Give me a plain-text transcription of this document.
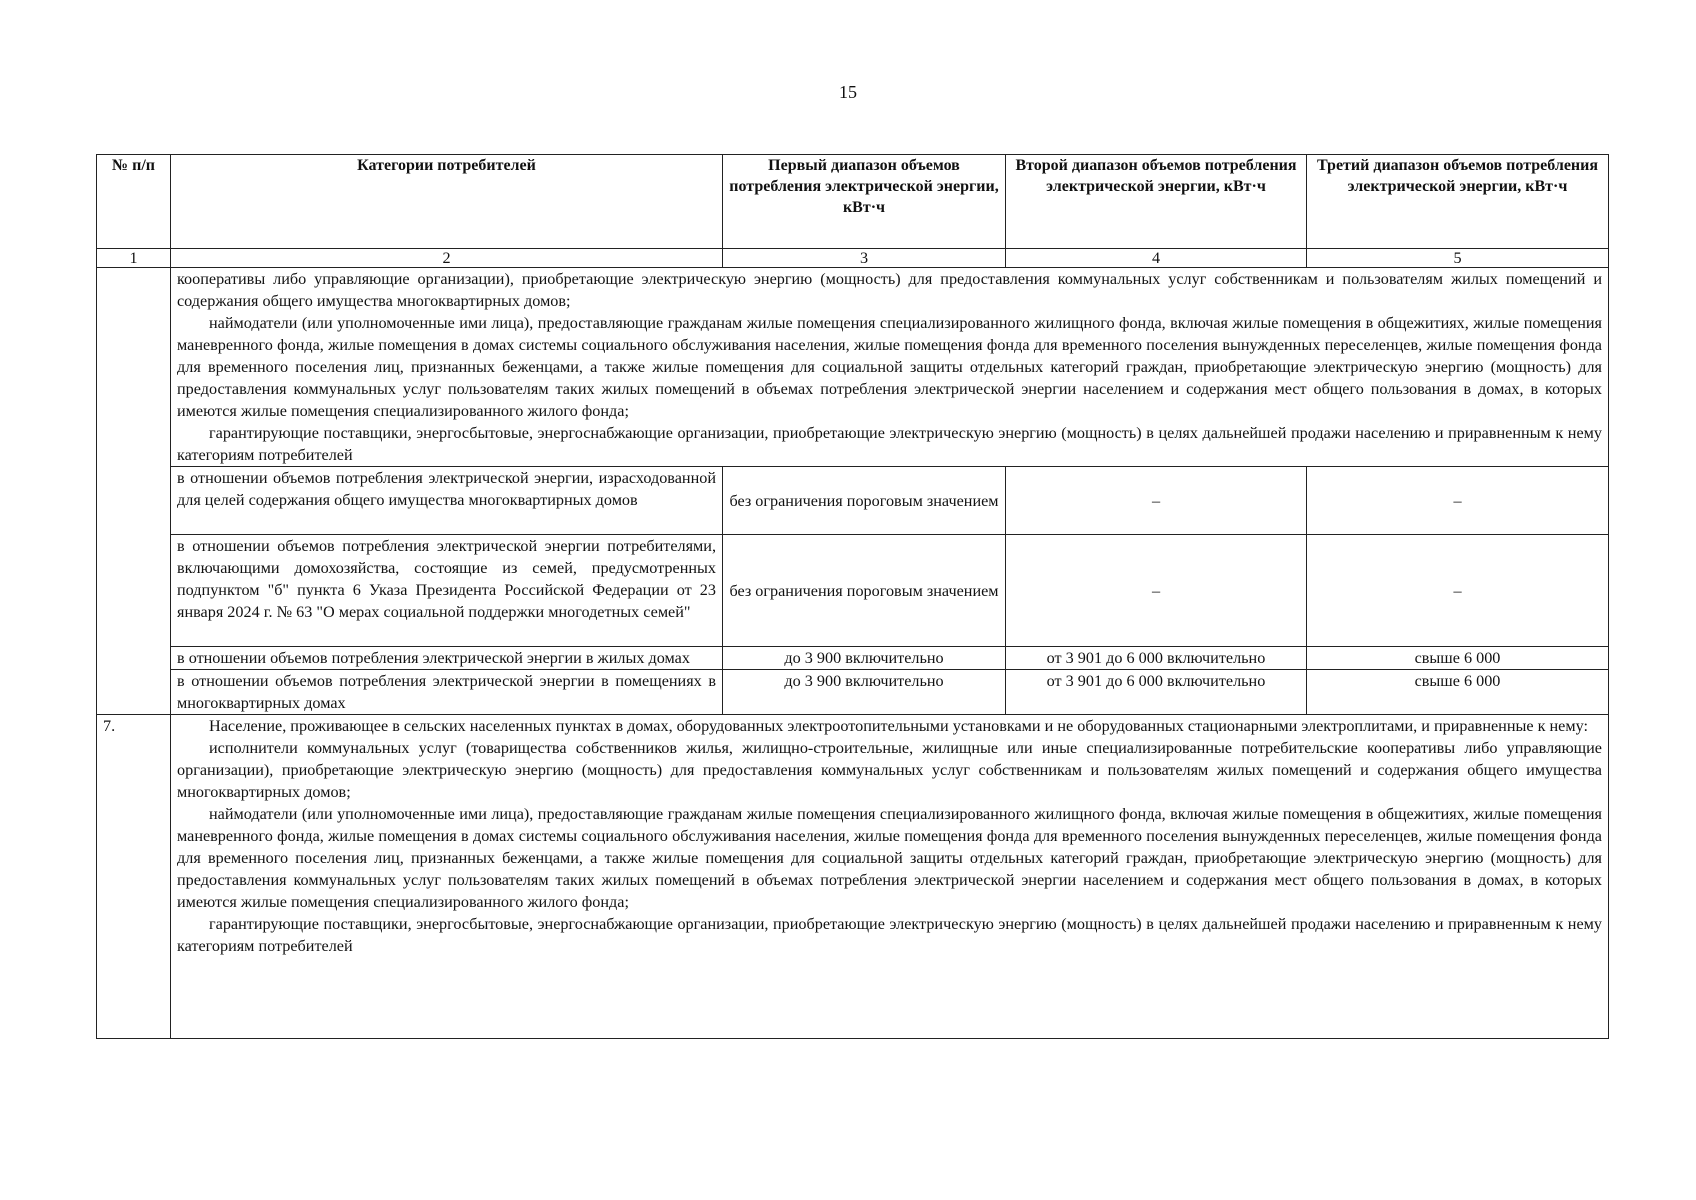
15
№ п/п	Категории потребителей	Первый диапазон объемов потребления электрической энергии, кВт·ч	Второй диапазон объемов потребления электрической энергии, кВт·ч	Третий диапазон объемов потребления электрической энергии, кВт·ч
1	2	3	4	5

	кооперативы либо управляющие организации), приобретающие электрическую энергию (мощность) для предоставления коммунальных услуг собственникам и пользователям жилых помещений и содержания общего имущества многоквартирных домов;
наймодатели (или уполномоченные ими лица), предоставляющие гражданам жилые помещения специализированного жилищного фонда, включая жилые помещения в общежитиях, жилые помещения маневренного фонда, жилые помещения в домах системы социального обслуживания населения, жилые помещения фонда для временного поселения вынужденных переселенцев, жилые помещения фонда для временного поселения лиц, признанных беженцами, а также жилые помещения для социальной защиты отдельных категорий граждан, приобретающие электрическую энергию (мощность) для предоставления коммунальных услуг пользователям таких жилых помещений в объемах потребления электрической энергии населением и содержания мест общего пользования в домах, в которых имеются жилые помещения специализированного жилого фонда;
гарантирующие поставщики, энергосбытовые, энергоснабжающие организации, приобретающие электрическую энергию (мощность) в целях дальнейшей продажи населению и приравненным к нему категориям потребителей			

	в отношении объемов потребления электрической энергии, израсходованной для целей содержания общего имущества многоквартирных домов	без ограничения пороговым значением	–	–
	в отношении объемов потребления электрической энергии потребителями, включающими домохозяйства, состоящие из семей, предусмотренных подпунктом "б" пункта 6 Указа Президента Российской Федерации от 23 января 2024 г. № 63 "О мерах социальной поддержки многодетных семей"	без ограничения пороговым значением	–	–
	в отношении объемов потребления электрической энергии в жилых домах	до 3 900 включительно	от 3 901 до 6 000 включительно	свыше 6 000
	в отношении объемов потребления электрической энергии в помещениях в многоквартирных домах	до 3 900 включительно	от 3 901 до 6 000 включительно	свыше 6 000
7.	Население, проживающее в сельских населенных пунктах в домах, оборудованных электроотопительными установками и не оборудованных стационарными электроплитами, и приравненные к нему:
исполнители коммунальных услуг (товарищества собственников жилья, жилищно-строительные, жилищные или иные специализированные потребительские кооперативы либо управляющие организации), приобретающие электрическую энергию (мощность) для предоставления коммунальных услуг собственникам и пользователям жилых помещений и содержания общего имущества многоквартирных домов;
наймодатели (или уполномоченные ими лица), предоставляющие гражданам жилые помещения специализированного жилищного фонда, включая жилые помещения в общежитиях, жилые помещения маневренного фонда, жилые помещения в домах системы социального обслуживания населения, жилые помещения фонда для временного поселения вынужденных переселенцев, жилые помещения фонда для временного поселения лиц, признанных беженцами, а также жилые помещения для социальной защиты отдельных категорий граждан, приобретающие электрическую энергию (мощность) для предоставления коммунальных услуг пользователям таких жилых помещений в объемах потребления электрической энергии населением и содержания мест общего пользования в домах, в которых имеются жилые помещения специализированного жилого фонда;
гарантирующие поставщики, энергосбытовые, энергоснабжающие организации, приобретающие электрическую энергию (мощность) в целях дальнейшей продажи населению и приравненным к нему категориям потребителей			
